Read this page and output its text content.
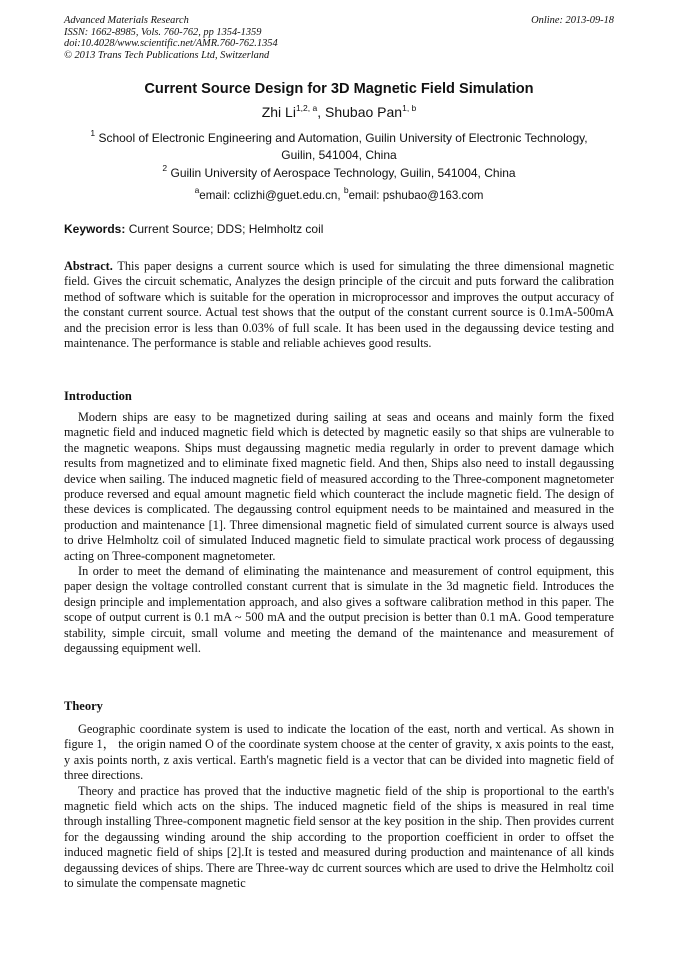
Advanced Materials Research
ISSN: 1662-8985, Vols. 760-762, pp 1354-1359
doi:10.4028/www.scientific.net/AMR.760-762.1354
© 2013 Trans Tech Publications Ltd, Switzerland
Online: 2013-09-18
Current Source Design for 3D Magnetic Field Simulation
Zhi Li$^{1,2, a}$, Shubao Pan$^{1, b}$
$^1$ School of Electronic Engineering and Automation, Guilin University of Electronic Technology,
Guilin, 541004, China
$^2$ Guilin University of Aerospace Technology, Guilin, 541004, China
$^a$email: cclizhi@guet.edu.cn, $^b$email: pshubao@163.com
Keywords: Current Source; DDS; Helmholtz coil

Abstract. This paper designs a current source which is used for simulating the three dimensional magnetic field. Gives the circuit schematic, Analyzes the design principle of the circuit and puts forward the calibration method of software which is suitable for the operation in microprocessor and improves the output accuracy of the constant current source. Actual test shows that the output of the constant current source is 0.1mA-500mA and the precision error is less than 0.03% of full scale. It has been used in the degaussing device testing and maintenance. The performance is stable and reliable achieves good results.

Introduction

Modern ships are easy to be magnetized during sailing at seas and oceans and mainly form the fixed magnetic field and induced magnetic field which is detected by magnetic easily so that ships are vulnerable to the magnetic weapons. Ships must degaussing magnetic media regularly in order to prevent damage which results from magnetized and to eliminate fixed magnetic field. And then, Ships also need to install degaussing device when sailing. The induced magnetic field of measured according to the Three-component magnetometer produce reversed and equal amount magnetic field which counteract the include magnetic field. The design of these devices is complicated. The degaussing control equipment needs to be maintained and measured in the production and maintenance [1]. Three dimensional magnetic field of simulated current source is always used to drive Helmholtz coil of simulated Induced magnetic field to simulate practical work process of degaussing acting on Three-component magnetometer.

In order to meet the demand of eliminating the maintenance and measurement of control equipment, this paper design the voltage controlled constant current that is simulate in the 3d magnetic field. Introduces the design principle and implementation approach, and also gives a software calibration method in this paper. The scope of output current is 0.1 mA ~ 500 mA and the output precision is better than 0.1 mA. Good temperature stability, simple circuit, small volume and meeting the demand of the maintenance and measurement of degaussing equipment well.

Theory

Geographic coordinate system is used to indicate the location of the east, north and vertical. As shown in figure 1， the origin named O of the coordinate system choose at the center of gravity, x axis points to the east, y axis points north, z axis vertical. Earth's magnetic field is a vector that can be divided into magnetic field of three directions.

Theory and practice has proved that the inductive magnetic field of the ship is proportional to the earth's magnetic field which acts on the ships. The induced magnetic field of the ships is measured in real time through installing Three-component magnetic field sensor at the key position in the ship. Then provides current for the degaussing winding around the ship according to the proportion coefficient in order to offset the induced magnetic field of ships [2].It is tested and measured during production and maintenance of all kinds degaussing devices of ships. There are Three-way dc current sources which are used to drive the Helmholtz coil to simulate the compensate magnetic
